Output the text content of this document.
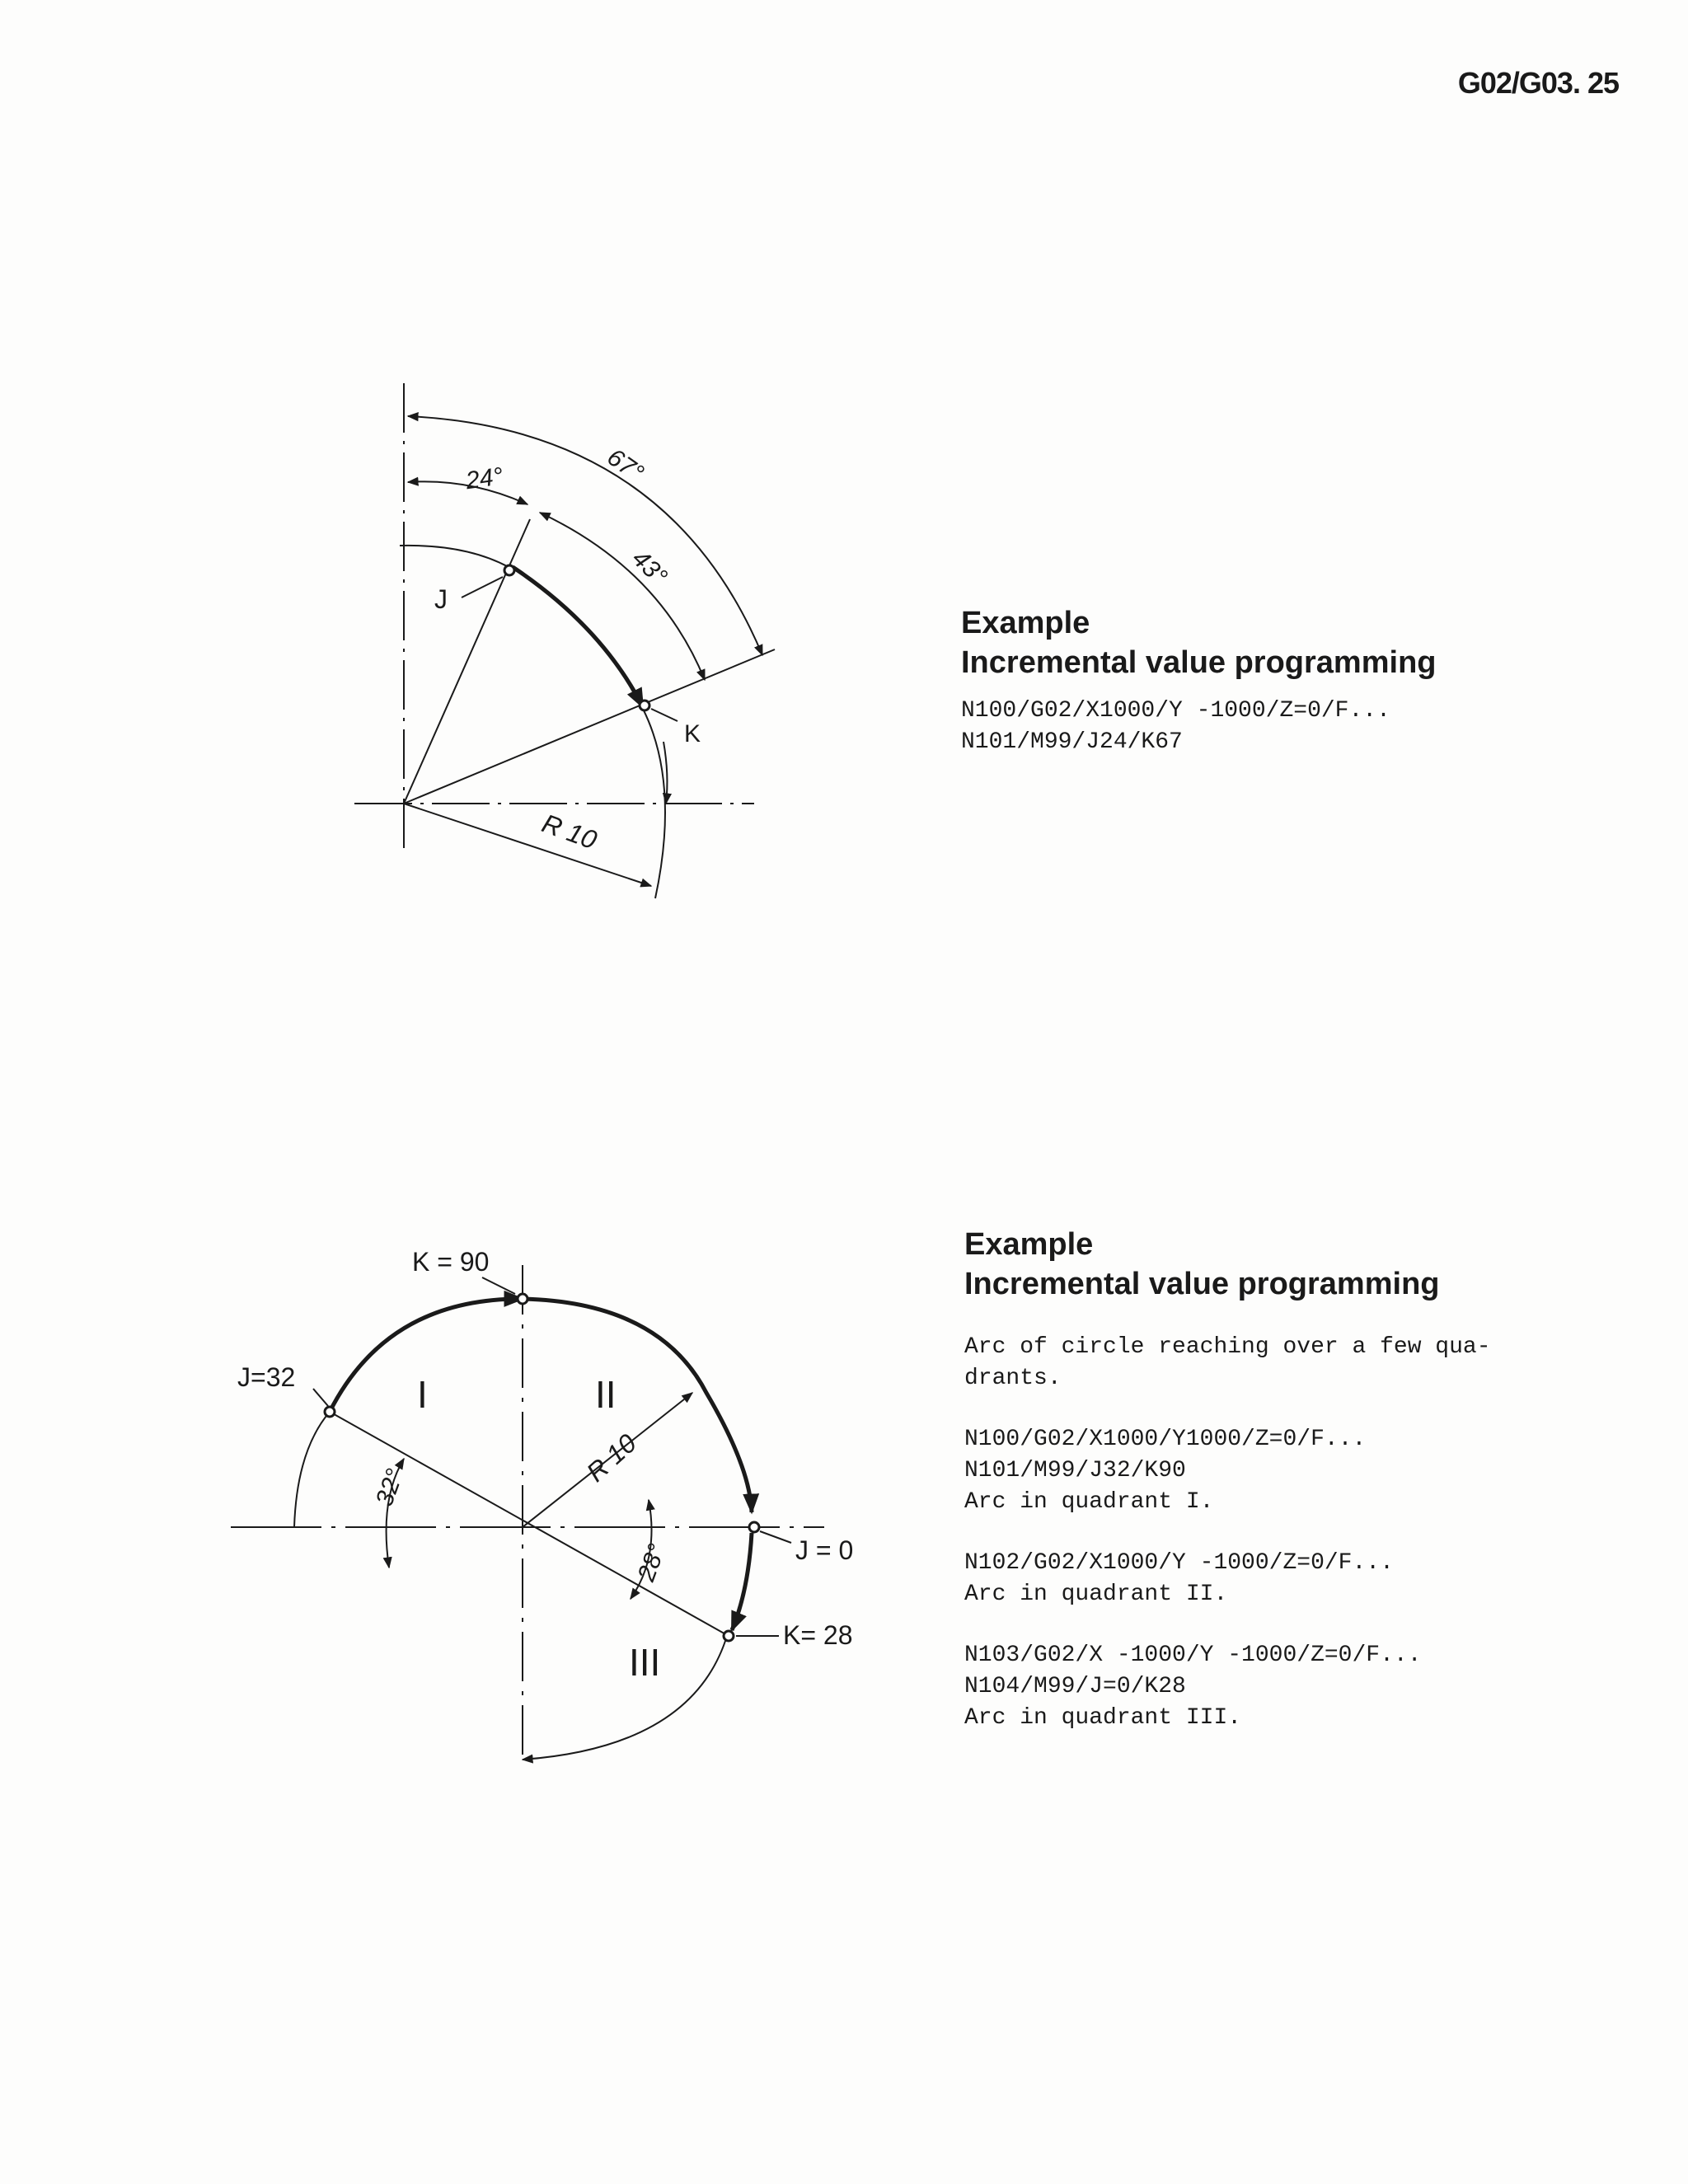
G02/G03. 25
67°
24°
43°
J
K
R 10
K = 90
J=32
J = 0
K= 28
I	II
III
32°
28°
R 10

Example

Incremental value programming

N100/G02/X1000/Y -1000/Z=0/F...

N101/M99/J24/K67

Example

Incremental value programming

Arc of circle reaching over a few qua-

drants.

N100/G02/X1000/Y1000/Z=0/F...

N101/M99/J32/K90

Arc in quadrant I.

N102/G02/X1000/Y -1000/Z=0/F...

Arc in quadrant II.

N103/G02/X -1000/Y -1000/Z=0/F...

N104/M99/J=0/K28

Arc in quadrant III.
